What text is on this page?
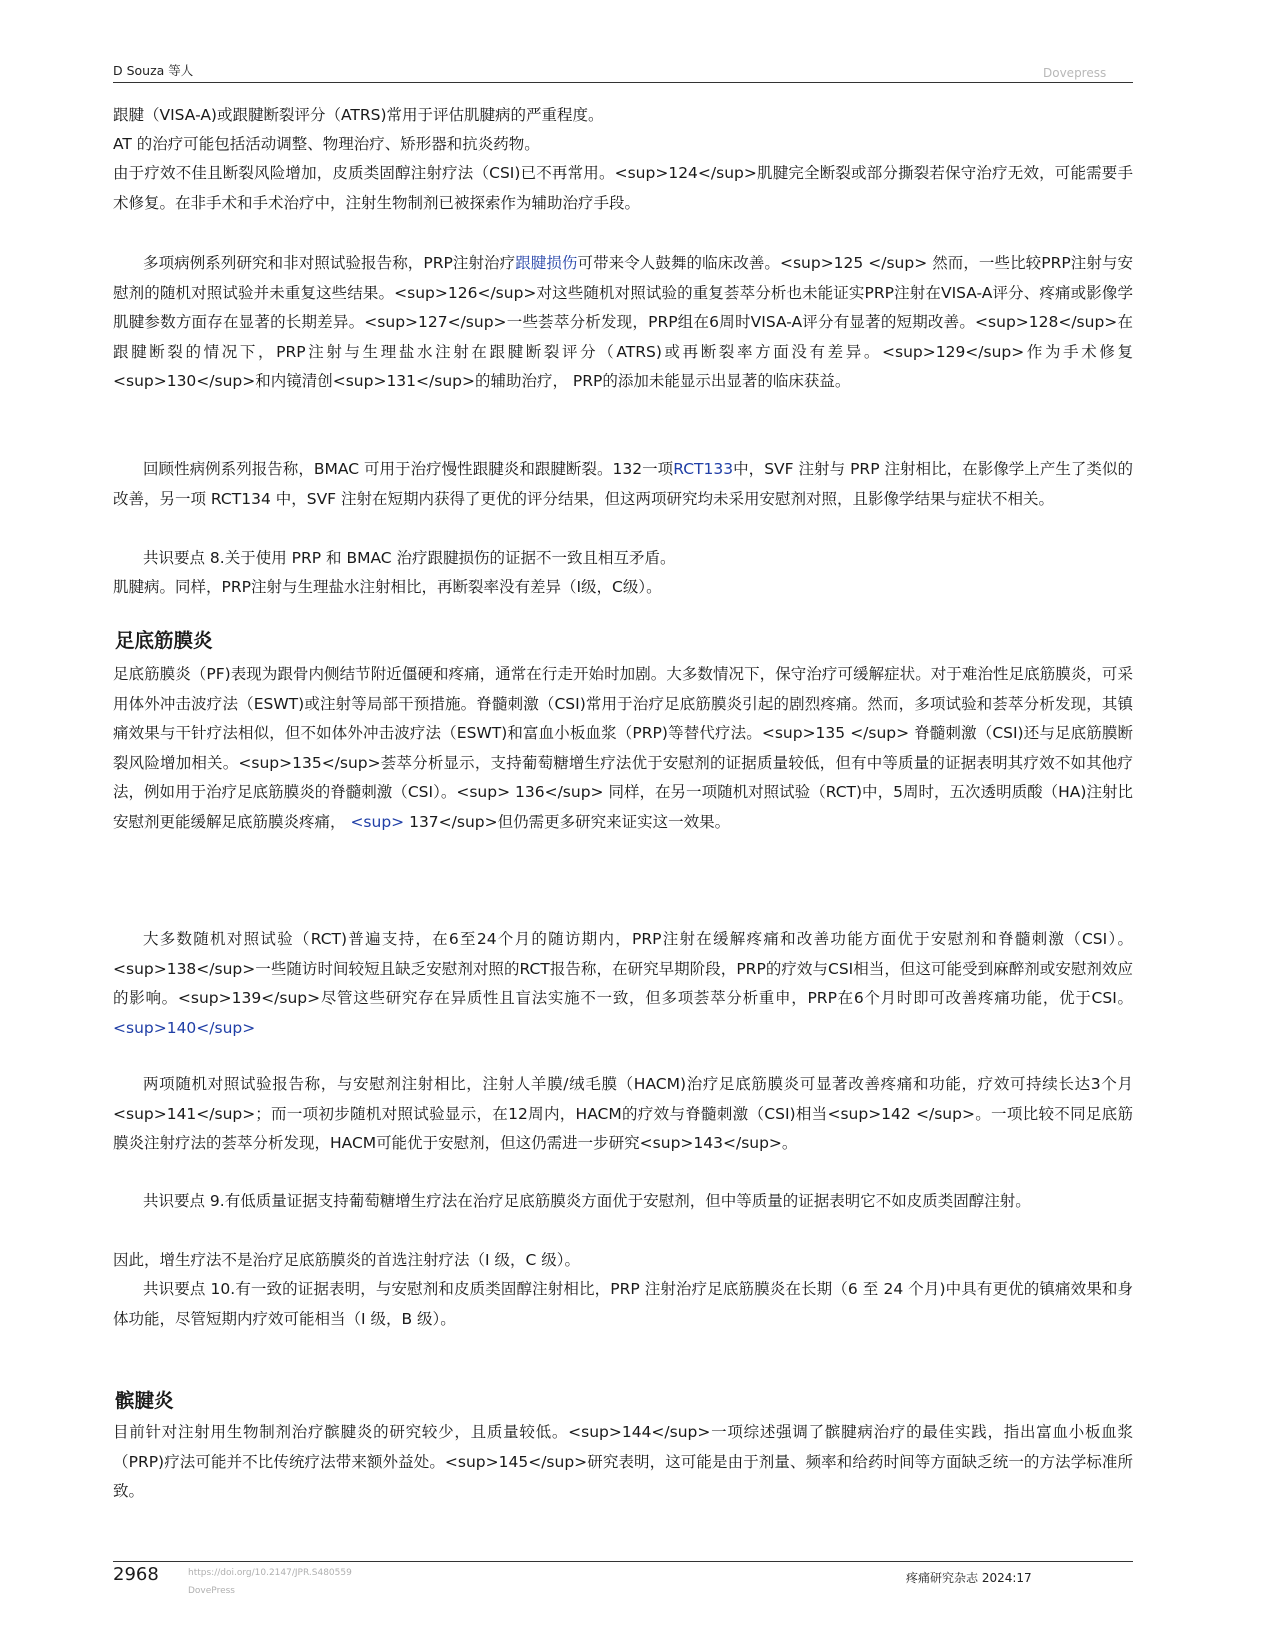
D Souza 等人	Dovepress

跟腱（VISA-A)或跟腱断裂评分（ATRS)常用于评估肌腱病的严重程度。

AT 的治疗可能包括活动调整、物理治疗、矫形器和抗炎药物。

由于疗效不佳且断裂风险增加，皮质类固醇注射疗法（CSI)已不再常用。<sup>124</sup>肌腱完全断裂或部分撕裂若保守治疗无效，可能需要手术修复。在非手术和手术治疗中，注射生物制剂已被探索作为辅助治疗手段。

多项病例系列研究和非对照试验报告称，PRP注射治疗跟腱损伤可带来令人鼓舞的临床改善。<sup>125 </sup> 然而，一些比较PRP注射与安慰剂的随机对照试验并未重复这些结果。<sup>126</sup>对这些随机对照试验的重复荟萃分析也未能证实PRP注射在VISA-A评分、疼痛或影像学肌腱参数方面存在显著的长期差异。<sup>127</sup>一些荟萃分析发现，PRP组在6周时VISA-A评分有显著的短期改善。<sup>128</sup>在跟腱断裂的情况下，PRP注射与生理盐水注射在跟腱断裂评分（ATRS)或再断裂率方面没有差异。<sup>129</sup>作为手术修复<sup>130</sup>和内镜清创<sup>131</sup>的辅助治疗， PRP的添加未能显示出显著的临床获益。

回顾性病例系列报告称，BMAC 可用于治疗慢性跟腱炎和跟腱断裂。132一项RCT133中，SVF 注射与 PRP 注射相比，在影像学上产生了类似的改善，另一项 RCT134 中，SVF 注射在短期内获得了更优的评分结果，但这两项研究均未采用安慰剂对照，且影像学结果与症状不相关。

共识要点 8.关于使用 PRP 和 BMAC 治疗跟腱损伤的证据不一致且相互矛盾。

肌腱病。同样，PRP注射与生理盐水注射相比，再断裂率没有差异（I级，C级）。

足底筋膜炎

足底筋膜炎（PF)表现为跟骨内侧结节附近僵硬和疼痛，通常在行走开始时加剧。大多数情况下，保守治疗可缓解症状。对于难治性足底筋膜炎，可采用体外冲击波疗法（ESWT)或注射等局部干预措施。脊髓刺激（CSI)常用于治疗足底筋膜炎引起的剧烈疼痛。然而，多项试验和荟萃分析发现，其镇痛效果与干针疗法相似，但不如体外冲击波疗法（ESWT)和富血小板血浆（PRP)等替代疗法。<sup>135 </sup> 脊髓刺激（CSI)还与足底筋膜断裂风险增加相关。<sup>135</sup>荟萃分析显示，支持葡萄糖增生疗法优于安慰剂的证据质量较低，但有中等质量的证据表明其疗效不如其他疗法，例如用于治疗足底筋膜炎的脊髓刺激（CSI）。<sup> 136</sup> 同样，在另一项随机对照试验（RCT)中，5周时，五次透明质酸（HA)注射比安慰剂更能缓解足底筋膜炎疼痛， <sup> 137</sup>但仍需更多研究来证实这一效果。

大多数随机对照试验（RCT)普遍支持，在6至24个月的随访期内，PRP注射在缓解疼痛和改善功能方面优于安慰剂和脊髓刺激（CSI）。<sup>138</sup>一些随访时间较短且缺乏安慰剂对照的RCT报告称，在研究早期阶段，PRP的疗效与CSI相当，但这可能受到麻醉剂或安慰剂效应的影响。<sup>139</sup>尽管这些研究存在异质性且盲法实施不一致，但多项荟萃分析重申，PRP在6个月时即可改善疼痛功能，优于CSI。<sup>140</sup>

两项随机对照试验报告称，与安慰剂注射相比，注射人羊膜/绒毛膜（HACM)治疗足底筋膜炎可显著改善疼痛和功能，疗效可持续长达3个月<sup>141</sup>；而一项初步随机对照试验显示，在12周内，HACM的疗效与脊髓刺激（CSI)相当<sup>142 </sup>。一项比较不同足底筋膜炎注射疗法的荟萃分析发现，HACM可能优于安慰剂，但这仍需进一步研究<sup>143</sup>。

共识要点 9.有低质量证据支持葡萄糖增生疗法在治疗足底筋膜炎方面优于安慰剂，但中等质量的证据表明它不如皮质类固醇注射。

因此，增生疗法不是治疗足底筋膜炎的首选注射疗法（I 级，C 级）。

共识要点 10.有一致的证据表明，与安慰剂和皮质类固醇注射相比，PRP 注射治疗足底筋膜炎在长期（6 至 24 个月)中具有更优的镇痛效果和身体功能，尽管短期内疗效可能相当（I 级，B 级）。

髌腱炎

目前针对注射用生物制剂治疗髌腱炎的研究较少，且质量较低。<sup>144</sup>一项综述强调了髌腱病治疗的最佳实践，指出富血小板血浆（PRP)疗法可能并不比传统疗法带来额外益处。<sup>145</sup>研究表明，这可能是由于剂量、频率和给药时间等方面缺乏统一的方法学标准所致。

2968	https://doi.org/10.2147/JPR.S480559
DovePress
疼痛研究杂志 2024:17
